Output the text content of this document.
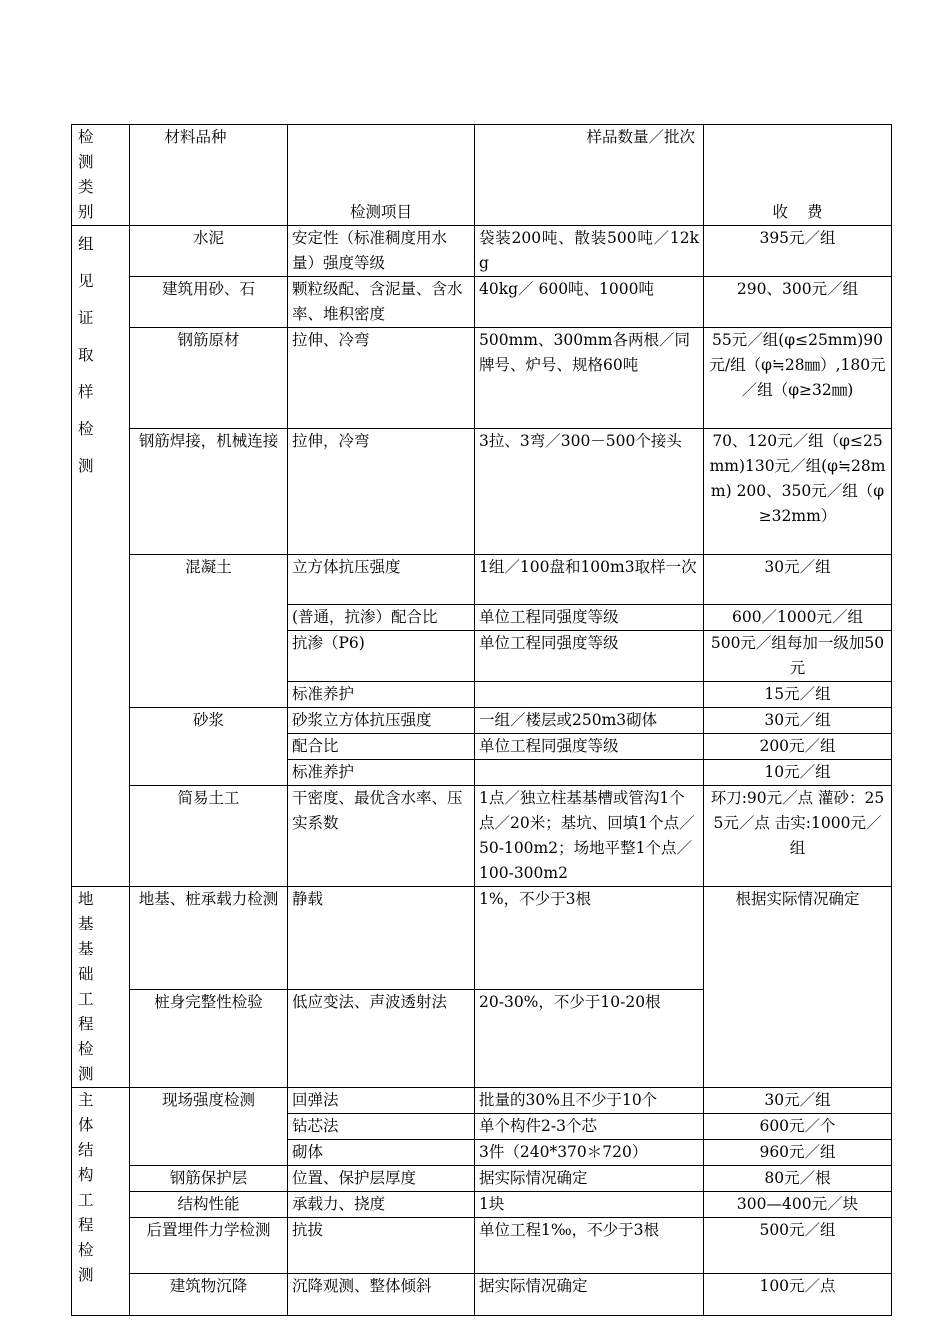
检 测 类别	材料品种	检测项目	样品数量／批次	收 费
组 见 证 取 样 检测	水泥	安定性（标准稠度用水量）强度等级	袋装200吨、散装500吨／12kg	395元／组
	建筑用砂、石	颗粒级配、含泥量、含水率、堆积密度	40kg／ 600吨、1000吨	290、300元／组
	钢筋原材	拉伸、冷弯	500mm、300mm各两根／同牌号、炉号、规格60吨	55元／组(φ≤25mm)90元/组（φ≒28㎜）,180元／组（φ≥32㎜)
	钢筋焊接，机械连接	拉伸，冷弯	3拉、3弯／300－500个接头	70、120元／组（φ≤25mm)130元／组(φ≒28mm) 200、350元／组（φ≥32mm）
	混凝土	立方体抗压强度	1组／100盘和100m3取样一次	30元／组
		(普通，抗渗）配合比	单位工程同强度等级	600／1000元／组
		抗渗（P6)	单位工程同强度等级	500元／组每加一级加50元
		标准养护		15元／组
	砂浆	砂浆立方体抗压强度	一组／楼层或250m3砌体	30元／组
		配合比	单位工程同强度等级	200元／组
		标准养护		10元／组
	简易土工	干密度、最优含水率、压实系数	1点／独立柱基基槽或管沟1个点／20米；基坑、回填1个点／50-100m2；场地平整1个点／100-300m2	环刀:90元／点 灌砂：255元／点 击实:1000元／组
地 基 基 础 工 程 检测	地基、桩承载力检测	静载	1%，不少于3根	根据实际情况确定
	桩身完整性检验	低应变法、声波透射法	20-30%，不少于10-20根	
主 体 结 构 工 程 检测	现场强度检测	回弹法	批量的30%且不少于10个	30元／组
		钻芯法	单个构件2-3个芯	600元／个
		砌体	3件（240*370＊720）	960元／组
	钢筋保护层	位置、保护层厚度	据实际情况确定	80元／根
	结构性能	承载力、挠度	1块	300—400元／块
	后置埋件力学检测	抗拔	单位工程1‰，不少于3根	500元／组
	建筑物沉降	沉降观测、整体倾斜	据实际情况确定	100元／点
